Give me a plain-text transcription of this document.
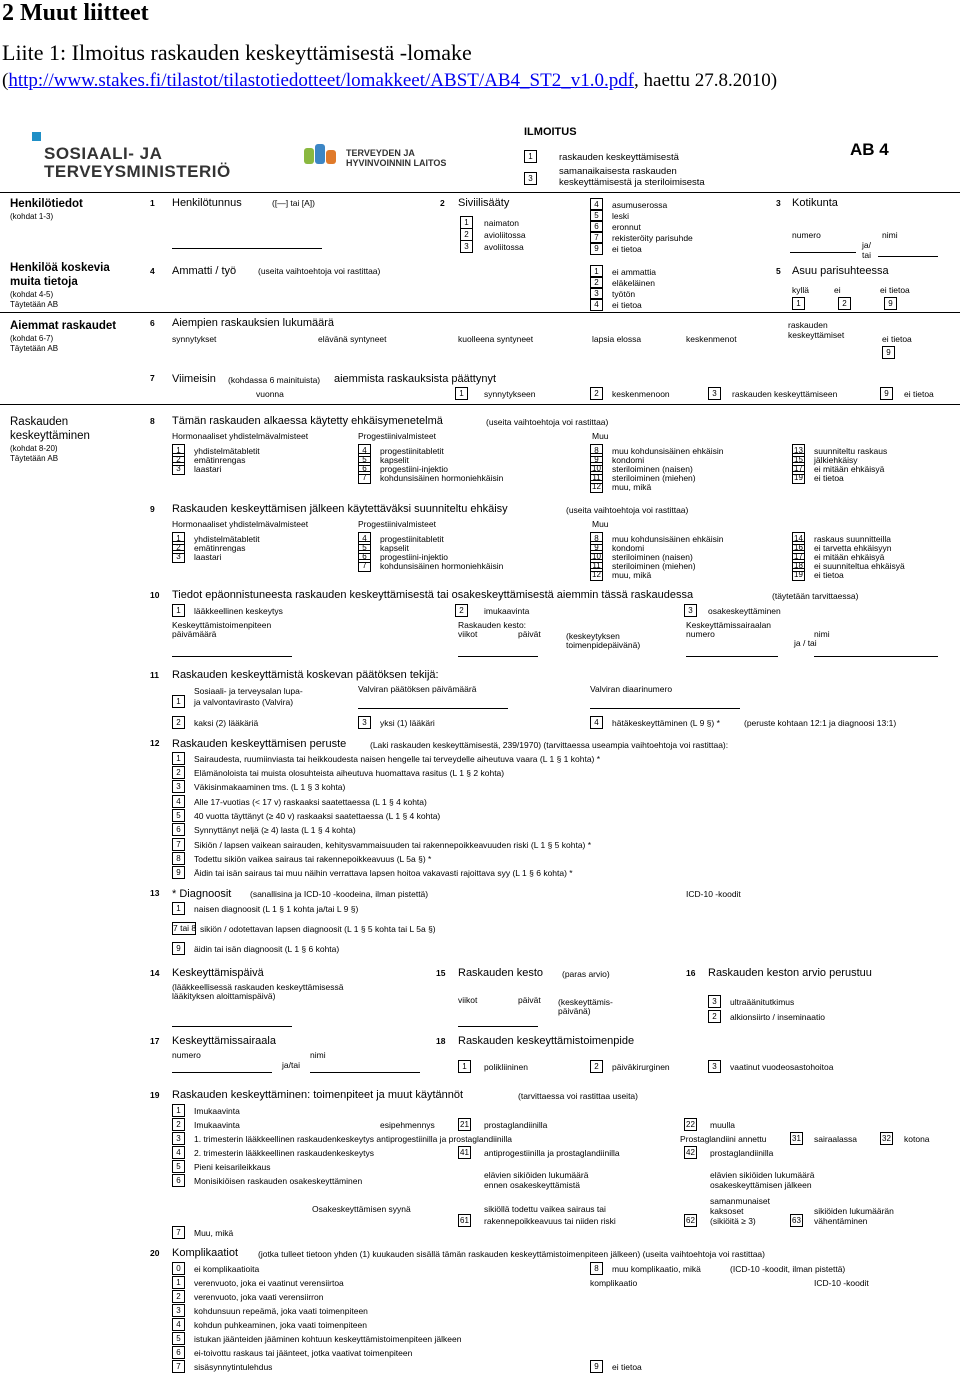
2 Muut liitteet
Liite 1: Ilmoitus raskauden keskeyttämisestä -lomake
(http://www.stakes.fi/tilastot/tilastotiedotteet/lomakkeet/ABST/AB4_ST2_v1.0.pdf, haettu 27.8.2010)
SOSIAALI- JA
TERVEYSMINISTERIÖ
TERVEYDEN JA
HYVINVOINNIN LAITOS
ILMOITUS
1	raskauden keskeyttämisestä
samanaikaisesta raskauden
3	keskeyttämisestä ja steriloimisesta
AB 4
Henkilötiedot
(kohdat 1-3)
Henkilöä koskevia
muita tietoja
(kohdat 4-5)
Täytetään AB
Aiemmat raskaudet
(kohdat 6-7)
Täytetään AB
Raskauden
keskeyttäminen
(kohdat 8-20)
Täytetään AB
1 Henkilötunnus	([—] tai [A])	2 Siviilisääty
1	naimaton
2	avioliitossa
3	avoliitossa
4	asumuserossa
5	leski
6	eronnut
7	rekisteröity parisuhde
9	ei tietoa
3 Kotikunta
numero	nimi
ja/ tai
4 Ammatti / työ	(useita vaihtoehtoja voi rastittaa)	1	ei ammattia
2	eläkeläinen
3	työtön
4	ei tietoa
5 Asuu parisuhteessa
kyllä	ei	ei tietoa
1	2	9
6 Aiempien raskauksien lukumäärä
synnytykset	elävänä syntyneet	kuolleena syntyneet	lapsia elossa	keskenmenot
raskauden
keskeyttämiset	ei tietoa
9
7 Viimeisin (kohdassa 6 mainituista) aiemmista raskauksista päättynyt
vuonna	1	synnytykseen	2	keskenmenoon	3	raskauden keskeyttämiseen	9	ei tietoa
8 Tämän raskauden alkaessa käytetty ehkäisymenetelmä	(useita vaihtoehtoja voi rastittaa)
Hormonaaliset yhdistelmävalmisteet	Progestiinivalmisteet	Muu
1	yhdistelmätabletit
2	emätinrengas
3	laastari
4	progestiinitabletit
5	kapselit
6	progestiini-injektio
7	kohdunsisäinen hormoniehkäisin
8	muu kohdunsisäinen ehkäisin
9	kondomi
10 steriloiminen (naisen)
11 steriloiminen (miehen)
12 muu, mikä
13 suunniteltu raskaus
15 jälkiehkäisy
17 ei mitään ehkäisyä
19 ei tietoa
9 Raskauden keskeyttämisen jälkeen käytettäväksi suunniteltu ehkäisy	(useita vaihtoehtoja voi rastittaa)
Hormonaaliset yhdistelmävalmisteet	Progestiinivalmisteet	Muu
1	yhdistelmätabletit
2	emätinrengas
3	laastari
4	progestiinitabletit
5	kapselit
6	progestiini-injektio
7	kohdunsisäinen hormoniehkäisin
8	muu kohdunsisäinen ehkäisin
9	kondomi
10 steriloiminen (naisen)
11 steriloiminen (miehen)
12 muu, mikä
14 raskaus suunnitteilla
16 ei tarvetta ehkäisyyn
17 ei mitään ehkäisyä
18 ei suunniteltua ehkäisyä
19 ei tietoa
10 Tiedot epäonnistuneesta raskauden keskeyttämisestä tai osakeskeyttämisestä aiemmin tässä raskaudessa	(täytetään tarvittaessa)
1	lääkkeellinen keskeytys	2	imukaavinta	3	osakeskeyttäminen
Keskeyttämistoimenpiteen
päivämäärä
Raskauden kesto:
viikot	päivät	(keskeytyksen
toimenpidepäivänä)
Keskeyttämissairaalan
numero	nimi
ja / tai
11 Raskauden keskeyttämistä koskevan päätöksen tekijä:
Sosiaali- ja terveysalan lupa-
1	ja valvontavirasto (Valvira)
Valviran päätöksen päivämäärä	Valviran diaarinumero
2	kaksi (2) lääkäriä	3	yksi (1) lääkäri	4	hätäkeskeyttäminen (L 9 §) *	(peruste kohtaan 12:1 ja diagnoosi 13:1)
12 Raskauden keskeyttämisen peruste	(Laki raskauden keskeyttämisestä, 239/1970) (tarvittaessa useampia vaihtoehtoja voi rastittaa):
1	Sairaudesta, ruumiinviasta tai heikkoudesta naisen hengelle tai terveydelle aiheutuva vaara (L 1 § 1 kohta) *
2	Elämänoloista tai muista olosuhteista aiheutuva huomattava rasitus (L 1 § 2 kohta)
3	Väkisinmakaaminen tms. (L 1 § 3 kohta)
4	Alle 17-vuotias (< 17 v) raskaaksi saatettaessa (L 1 § 4 kohta)
5	40 vuotta täyttänyt (≥ 40 v) raskaaksi saatettaessa (L 1 § 4 kohta)
6	Synnyttänyt neljä (≥ 4) lasta (L 1 § 4 kohta)
7	Sikiön / lapsen vaikean sairauden, kehitysvammaisuuden tai rakennepoikkeavuuden riski (L 1 § 5 kohta) *
8	Todettu sikiön vaikea sairaus tai rakennepoikkeavuus (L 5a §) *
9	Äidin tai isän sairaus tai muu näihin verrattava lapsen hoitoa vakavasti rajoittava syy (L 1 § 6 kohta) *
13 * Diagnoosit (sanallisina ja ICD-10 -koodeina, ilman pistettä)	ICD-10 -koodit
1	naisen diagnoosit (L 1 § 1 kohta ja/tai L 9 §)
7 tai 8 sikiön / odotettavan lapsen diagnoosit (L 1 § 5 kohta tai L 5a §)
9	äidin tai isän diagnoosit (L 1 § 6 kohta)
14 Keskeyttämispäivä
(lääkkeellisessä raskauden keskeyttämisessä
lääkityksen aloittamispäivä)
15 Raskauden kesto (paras arvio)
viikot	päivät (keskeyttämis-
päivänä)
16 Raskauden keston arvio perustuu
3	ultraäänitutkimus
2	alkionsiirto / inseminaatio
17 Keskeyttämissairaala
numero	nimi
ja/tai
18 Raskauden keskeyttämistoimenpide
1	polikliininen	2	päiväkirurginen	3	vaatinut vuodeosastohoitoa
19 Raskauden keskeyttäminen: toimenpiteet ja muut käytännöt	(tarvittaessa voi rastittaa useita)
1	Imukaavinta
2	Imukaavinta	esipehmennys	21 prostaglandiinilla	22 muulla
3	1. trimesterin lääkkeellinen raskaudenkeskeytys antiprogestiinilla ja prostaglandiinilla	Prostaglandiini annettu	31 sairaalassa	32 kotona
4	2. trimesterin lääkkeellinen raskaudenkeskeytys	41 antiprogestiinilla ja prostaglandiinilla	42 prostaglandiinilla
5	Pieni keisarileikkaus
6	Monisikiöisen raskauden osakeskeyttäminen
elävien sikiöiden lukumäärä
ennen osakeskeyttämistä
elävien sikiöiden lukumäärä
osakeskeyttämisen jälkeen
Osakeskeyttämisen syynä	sikiöllä todettu vaikea sairaus tai
61 rakennepoikkeavuus tai niiden riski
samanmunaiset
kaksoset
62 (sikiöitä ≥ 3)
sikiöiden lukumäärän
63 vähentäminen
7	Muu, mikä
20 Komplikaatiot (jotka tulleet tietoon yhden (1) kuukauden sisällä tämän raskauden keskeyttämistoimenpiteen jälkeen) (useita vaihtoehtoja voi rastittaa)
0	ei komplikaatioita
1	verenvuoto, joka ei vaatinut verensiirtoa
2	verenvuoto, joka vaati verensiirron
3	kohdunsuun repeämä, joka vaati toimenpiteen
4	kohdun puhkeaminen, joka vaati toimenpiteen
5	istukan jäänteiden jääminen kohtuun keskeyttämistoimenpiteen jälkeen
6	ei-toivottu raskaus tai jäänteet, jotka vaativat toimenpiteen
7	sisäsynnytintulehdus
8	muu komplikaatio, mikä	(ICD-10 -koodit, ilman pistettä)
komplikaatio	ICD-10 -koodit
9	ei tietoa
